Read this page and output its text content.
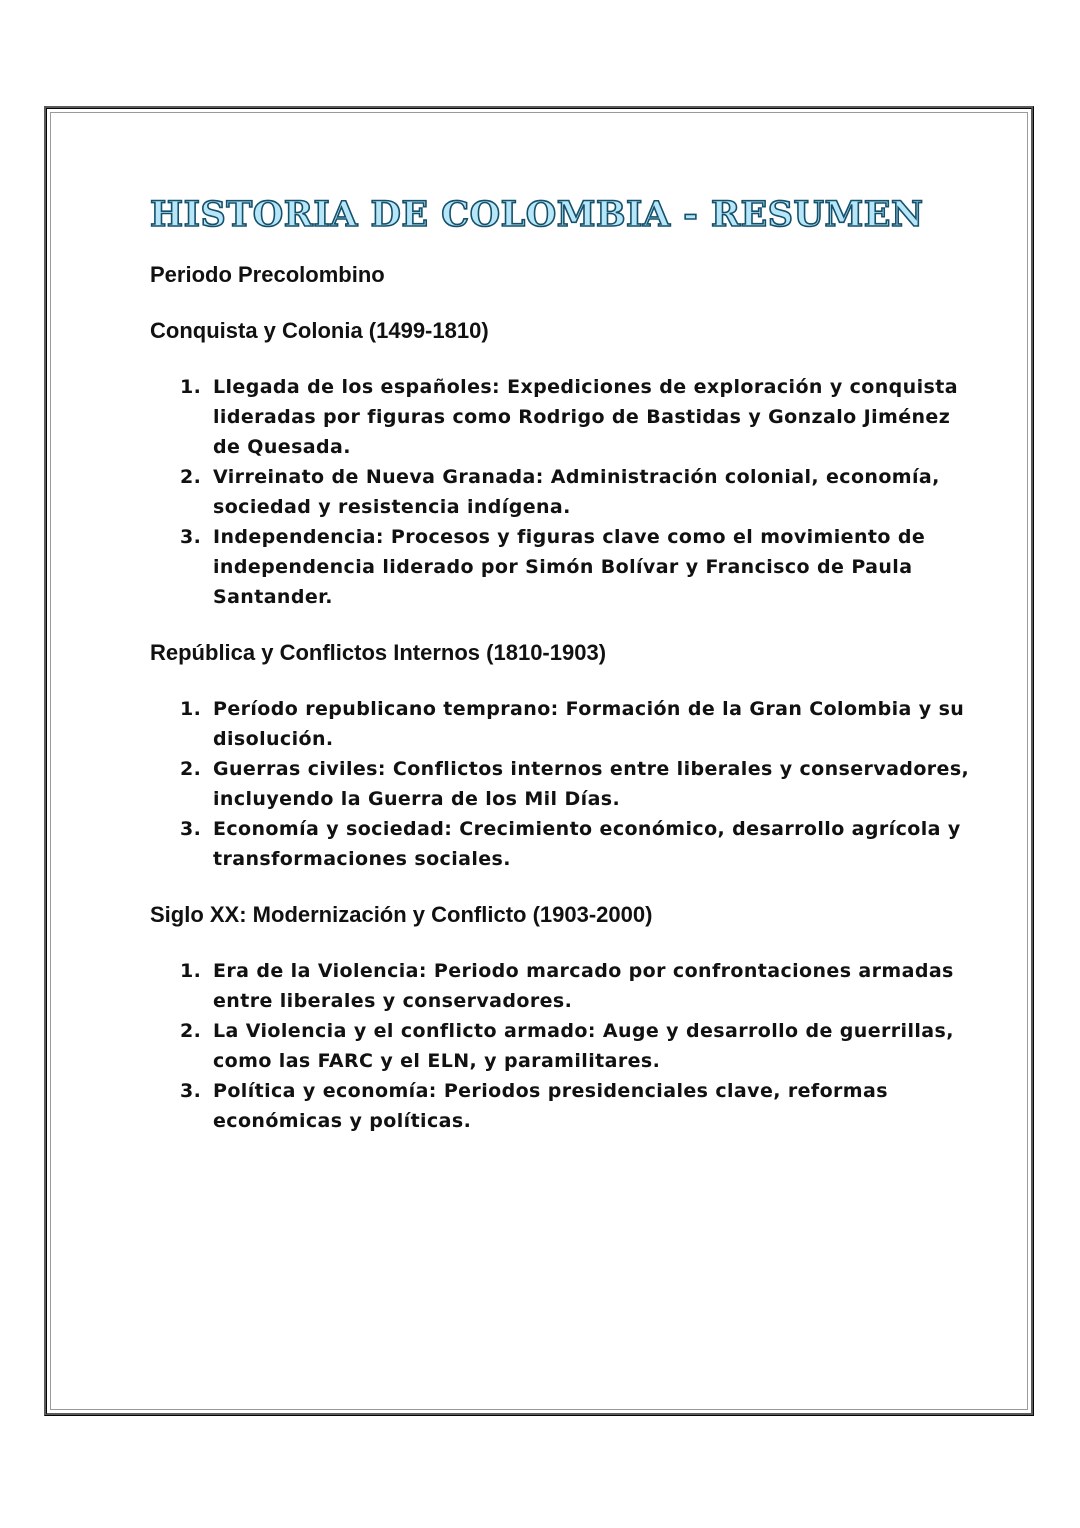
HISTORIA DE COLOMBIA - RESUMEN
Periodo Precolombino
Conquista y Colonia (1499-1810)
1. Llegada de los españoles: Expediciones de exploración y conquista lideradas por figuras como Rodrigo de Bastidas y Gonzalo Jiménez de Quesada.
2. Virreinato de Nueva Granada: Administración colonial, economía, sociedad y resistencia indígena.
3. Independencia: Procesos y figuras clave como el movimiento de independencia liderado por Simón Bolívar y Francisco de Paula Santander.
República y Conflictos Internos (1810-1903)
1. Período republicano temprano: Formación de la Gran Colombia y su disolución.
2. Guerras civiles: Conflictos internos entre liberales y conservadores, incluyendo la Guerra de los Mil Días.
3. Economía y sociedad: Crecimiento económico, desarrollo agrícola y transformaciones sociales.
Siglo XX: Modernización y Conflicto (1903-2000)
1. Era de la Violencia: Periodo marcado por confrontaciones armadas entre liberales y conservadores.
2. La Violencia y el conflicto armado: Auge y desarrollo de guerrillas, como las FARC y el ELN, y paramilitares.
3. Política y economía: Periodos presidenciales clave, reformas económicas y políticas.
